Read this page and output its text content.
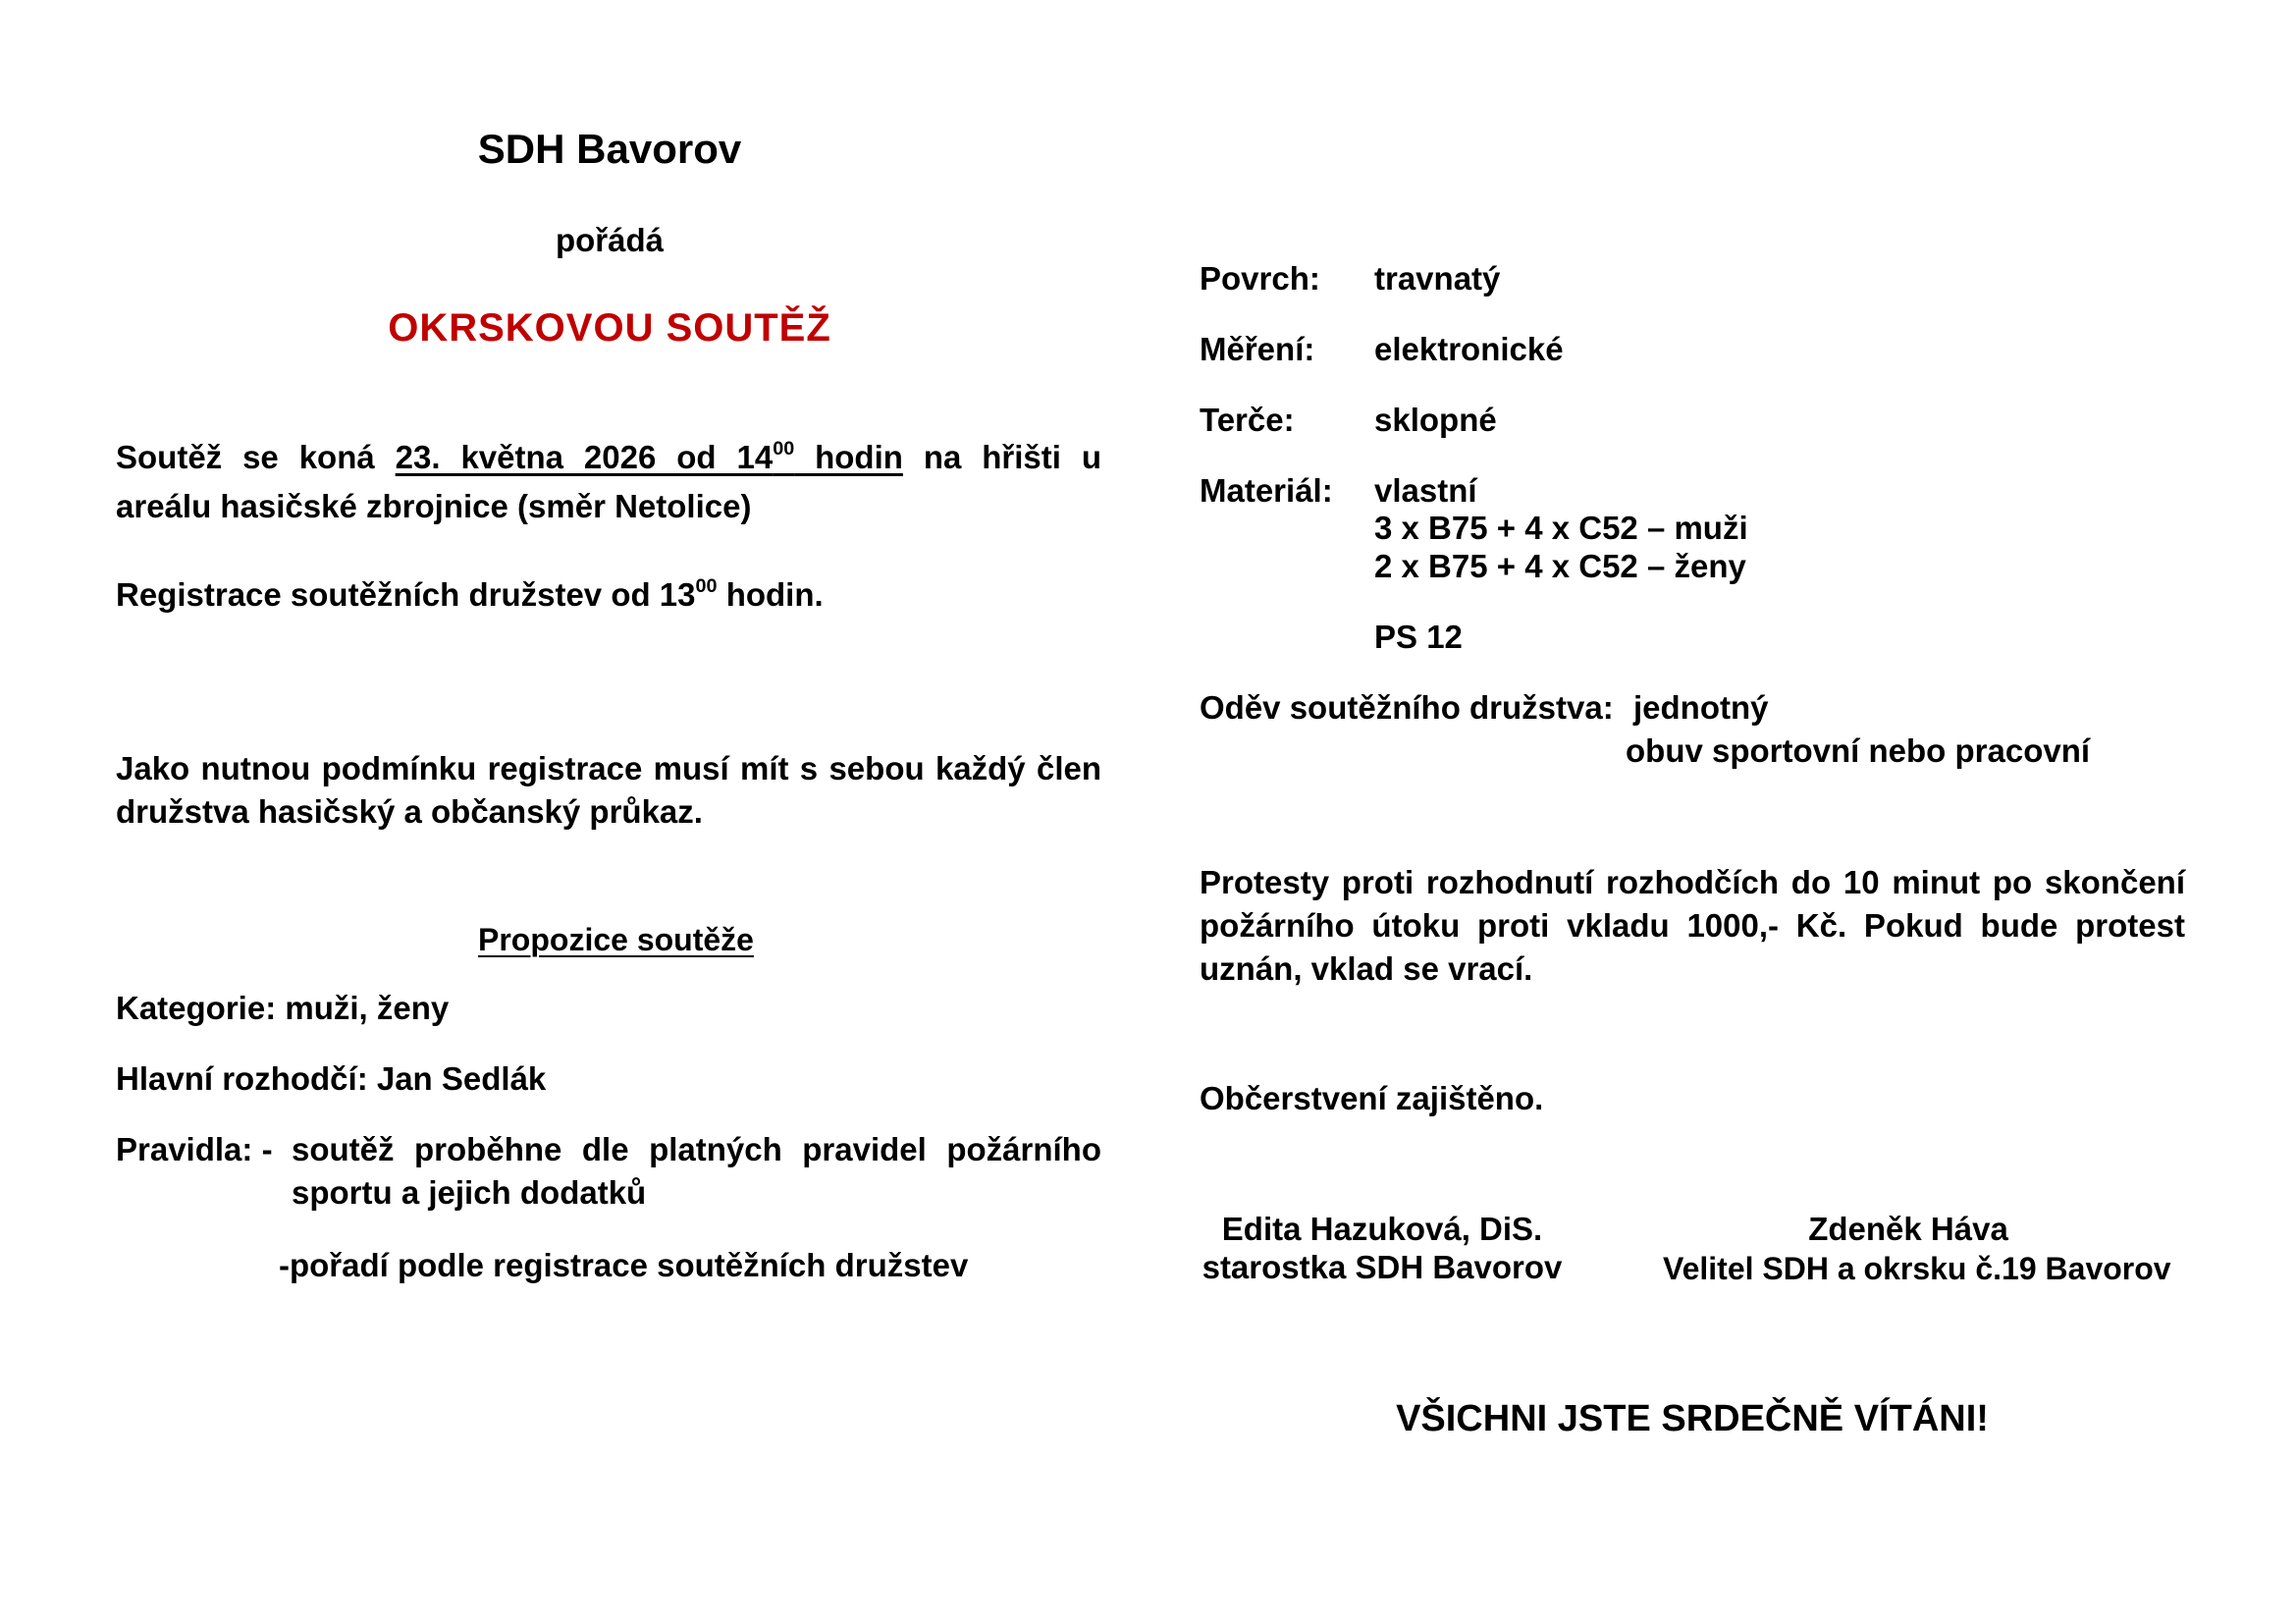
SDH Bavorov
pořádá
OKRSKOVOU SOUTĚŽ
Soutěž se koná 23. května 2026 od $14^{00}$ hodin na hřišti u
areálu hasičské zbrojnice (směr Netolice)
Registrace soutěžních družstev od $13^{00}$ hodin.
Jako nutnou podmínku registrace musí mít s sebou každý člen
družstva hasičský a občanský průkaz.
Propozice soutěže
Kategorie: muži, ženy
Hlavní rozhodčí: Jan Sedlák
Pravidla: - soutěž proběhne dle platných pravidel požárního
sportu a jejich dodatků
-pořadí podle registrace soutěžních družstev
Povrch: travnatý
Měření: elektronické
Terče: sklopné
Materiál: vlastní
3 x B75 + 4 x C52 – muži
2 x B75 + 4 x C52 – ženy
PS 12
Oděv soutěžního družstva: jednotný
obuv sportovní nebo pracovní
Protesty proti rozhodnutí rozhodčích do 10 minut po skončení
požárního útoku proti vkladu 1000,- Kč. Pokud bude protest
uznán, vklad se vrací.
Občerstvení zajištěno.
Edita Hazuková, DiS.
starostka SDH Bavorov
Zdeněk Háva
Velitel SDH a okrsku č.19 Bavorov
VŠICHNI JSTE SRDEČNĚ VÍTÁNI!
